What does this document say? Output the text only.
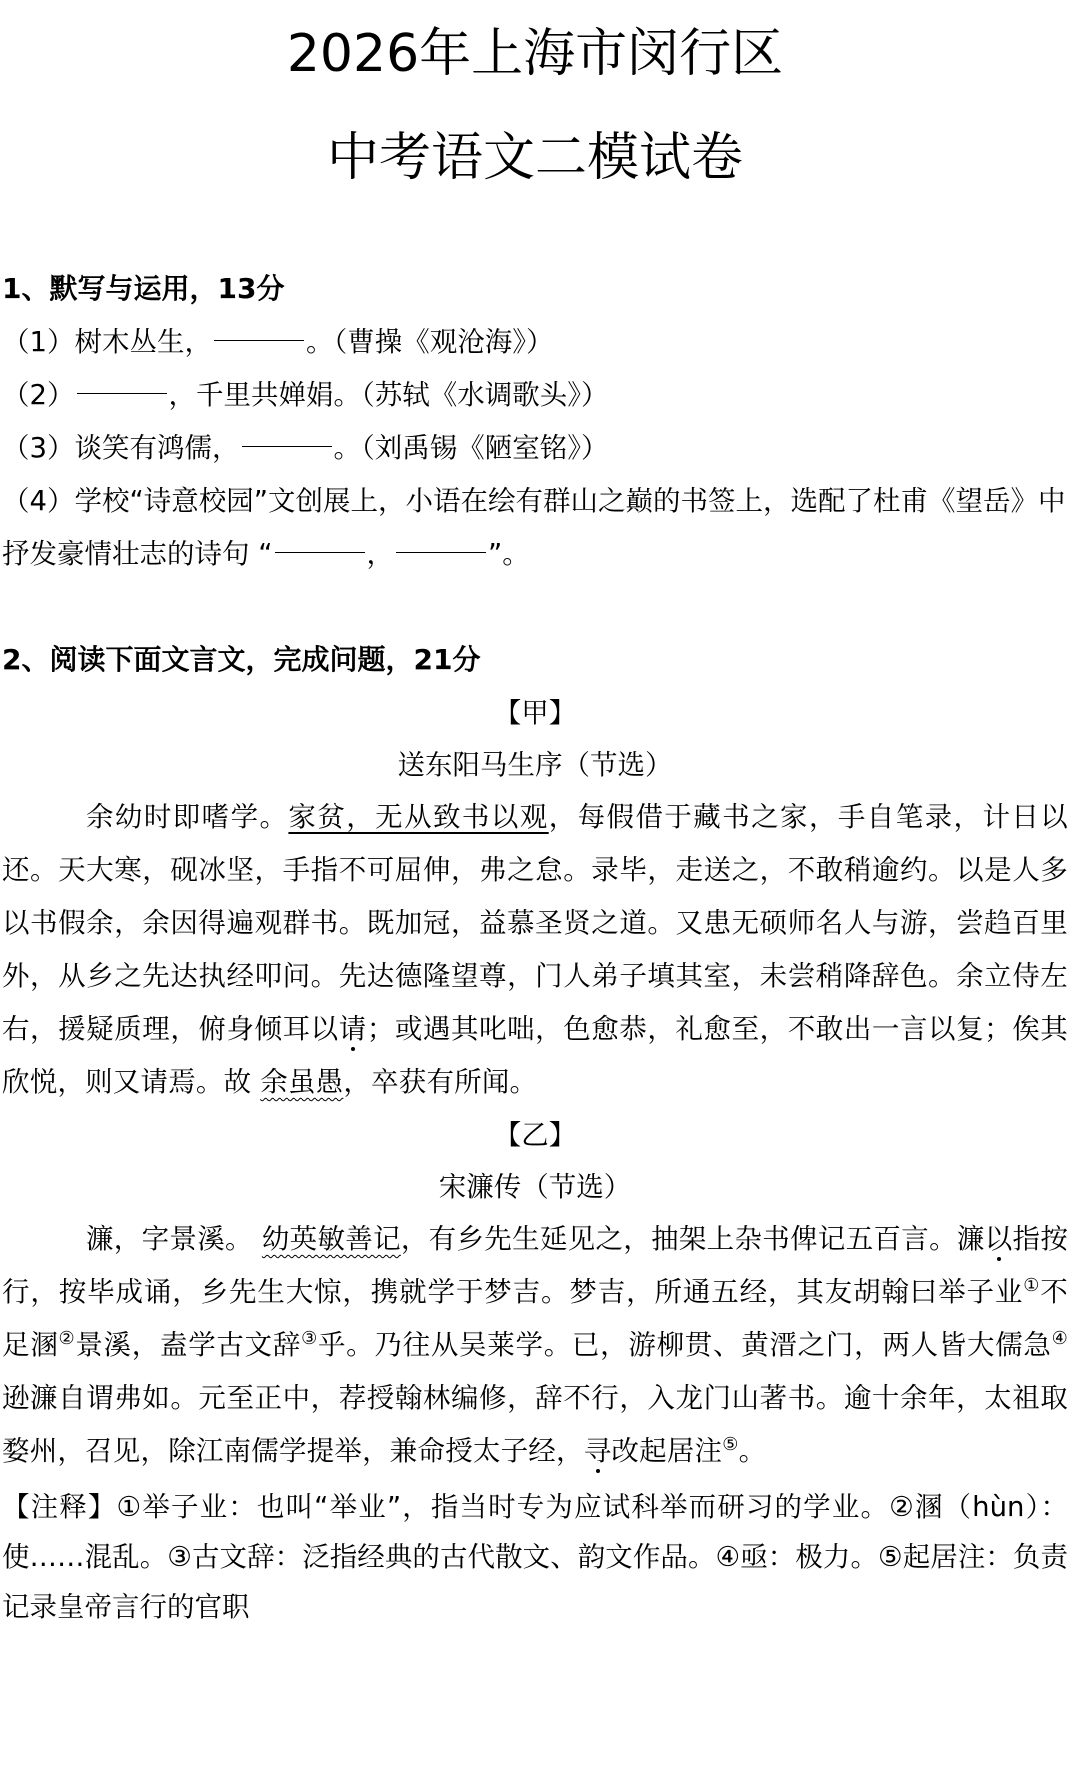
2026年上海市闵行区
中考语文二模试卷
1、默写与运用，13分
（1）树木丛生，	。（曹操《观沧海》）
（2）	，千里共婵娟。（苏轼《水调歌头》）
（3）谈笑有鸿儒，	。（刘禹锡《陋室铭》）
（4）学校“诗意校园”文创展上，小语在绘有群山之巅的书签上，选配了杜甫《望岳》中抒发豪情壮志的诗句 “	，	”。
2、阅读下面文言文，完成问题，21分
【甲】
送东阳马生序（节选）

余幼时即嗜学。家贫，无从致书以观，每假借于藏书之家，手自笔录，计日以还。天大寒，砚冰坚，手指不可屈伸，弗之怠。录毕，走送之，不敢稍逾约。以是人多以书假余，余因得遍观群书。既加冠，益慕圣贤之道。又患无硕师名人与游，尝趋百里外，从乡之先达执经叩问。先达德隆望尊，门人弟子填其室，未尝稍降辞色。余立侍左右，援疑质理，俯身倾耳以请；或遇其叱咄，色愈恭，礼愈至，不敢出一言以复；俟其欣悦，则又请焉。故 余虽愚，卒获有所闻。

【乙】
宋濂传（节选）

濂，字景溪。 幼英敏善记，有乡先生延见之，抽架上杂书俾记五百言。濂以指按行，按毕成诵，乡先生大惊，携就学于梦吉。梦吉，所通五经，其友胡翰曰举子业①不足溷②景溪，盍学古文辞③乎。乃往从吴莱学。已，游柳贯、黄溍之门，两人皆大儒急④逊濂自谓弗如。元至正中，荐授翰林编修，辞不行，入龙门山著书。逾十余年，太祖取婺州，召见，除江南儒学提举，兼命授太子经，寻改起居注⑤。

【注释】①举子业：也叫“举业”，指当时专为应试科举而研习的学业。②溷（hùn）：使……混乱。③古文辞：泛指经典的古代散文、韵文作品。④亟：极力。⑤起居注：负责记录皇帝言行的官职
